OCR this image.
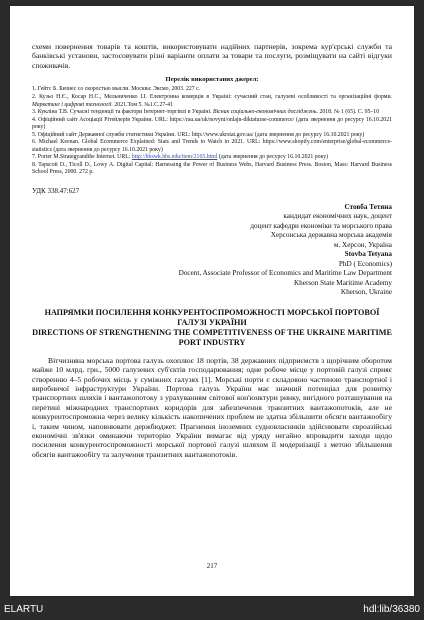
схеми повернення товарів та коштів, використовувати надійних партнерів, зокрема кур'єрські служби та банківські установи, застосовувати різні варіанти оплати за товари та послуги, розміщувати на сайті відгуки споживачів.

Перелік використаних джерел:

1. Гейтс Б. Бизнес со скоростью мысли. Москва: Эксмо, 2003. 227 с.

2. Кузьо Н.Є., Косар Н.С., Мельниченко І.І. Електронна комерція в Україні: сучасний стан, галузеві особливості та організаційні форми. Маркетинг і цифрові технології. 2021.Том 5. №1.С.27-41

3. Кукліна Т.В. Сучасні тенденції та фактори Інтернет-торгівлі в Україні. Вісник соціально-економічних досліджень. 2018. № 1 (65). С. 95–10

4. Офіційний сайт Асоціації Рітейлерів України. URL: https://rau.ua/uk/novyni/onlajn-diktaturae-commerce/ (дата звернення до ресурсу 16.10.2021 року)

5. Офіційний сайт Державної служби статистики України. URL: http://www.ukrstat.gov.ua/ (дата звернення до ресурсу 16.10.2021 року)

6. Michael Keenan. Global Ecommerce Explained: Stats and Trends to Watch in 2021. URL: https://www.shopify.com/enterprise/global-ecommerce-statistics (дата звернення до ресурсу 16.10.2021 року)

7. Porter M.Strategyandthe Internet. URL: http://hbswk.hbs.edu/item/2165.html (дата звернення до ресурсу 16.10.2021 року)

8. Tapscott D., Ticoll D., Lowy A. Digital Capital: Harnessing the Power of Business Webs, Harvard Business Press. Boston, Mass: Harvard Business School Press, 2000. 272 p.

УДК 338.47:627
Стовба Тетяна
кандидат економічних наук, доцент
доцент кафедри економіки та морського права
Херсонська державна морська академія
м. Херсон, Україна
Stovba Tetyana
PhD ( Economics)
Docent, Associate Professor of Economics and Maritime Law Department
Kherson State Maritime Academy
Kherson, Ukraine
НАПРЯМКИ ПОСИЛЕННЯ КОНКУРЕНТОСПРОМОЖНОСТІ МОРСЬКОЇ ПОРТОВОЇ ГАЛУЗІ УКРАЇНИ
DIRECTIONS OF STRENGTHENING THE COMPETITIVENESS OF THE UKRAINE MARITIME PORT INDUSTRY

Вітчизняна морська портова галузь охоплює 18 портів, 38 державних підприємств з щорічним оборотом майже 10 млрд. грн., 5000 галузевих суб'єктів господарювання; одне робоче місце у портовій галузі сприяє створенню 4–5 робочих місць у суміжних галузях [1]. Морські порти є складовою частиною транспортної і виробничої інфраструктури України. Портова галузь України має значний потенціал для розвитку транспортних шляхів і вантажопотоку з урахуванням світової кон'юнктури ринку, вигідного розташування на перетині міжнародних транспортних коридорів для забезпечення транзитних вантажопотоків, але не конкурентоспроможна через велику кількість накопичених проблем не здатна збільшити обсяги вантажообігу і, таким чином, наповнювати держбюджет. Прагнення іноземних судновласників здійснювати євроазійські економічні зв'язки оминаючи територію України вимагає від уряду негайно впровадити заходи щодо посилення конкурентоспроможності морської портової галузі шляхом її модернізації з метою збільшення обсягів вантажообігу та залучення транзитних вантажопотоків.

217
ELARTU	hdl:lib/36380
